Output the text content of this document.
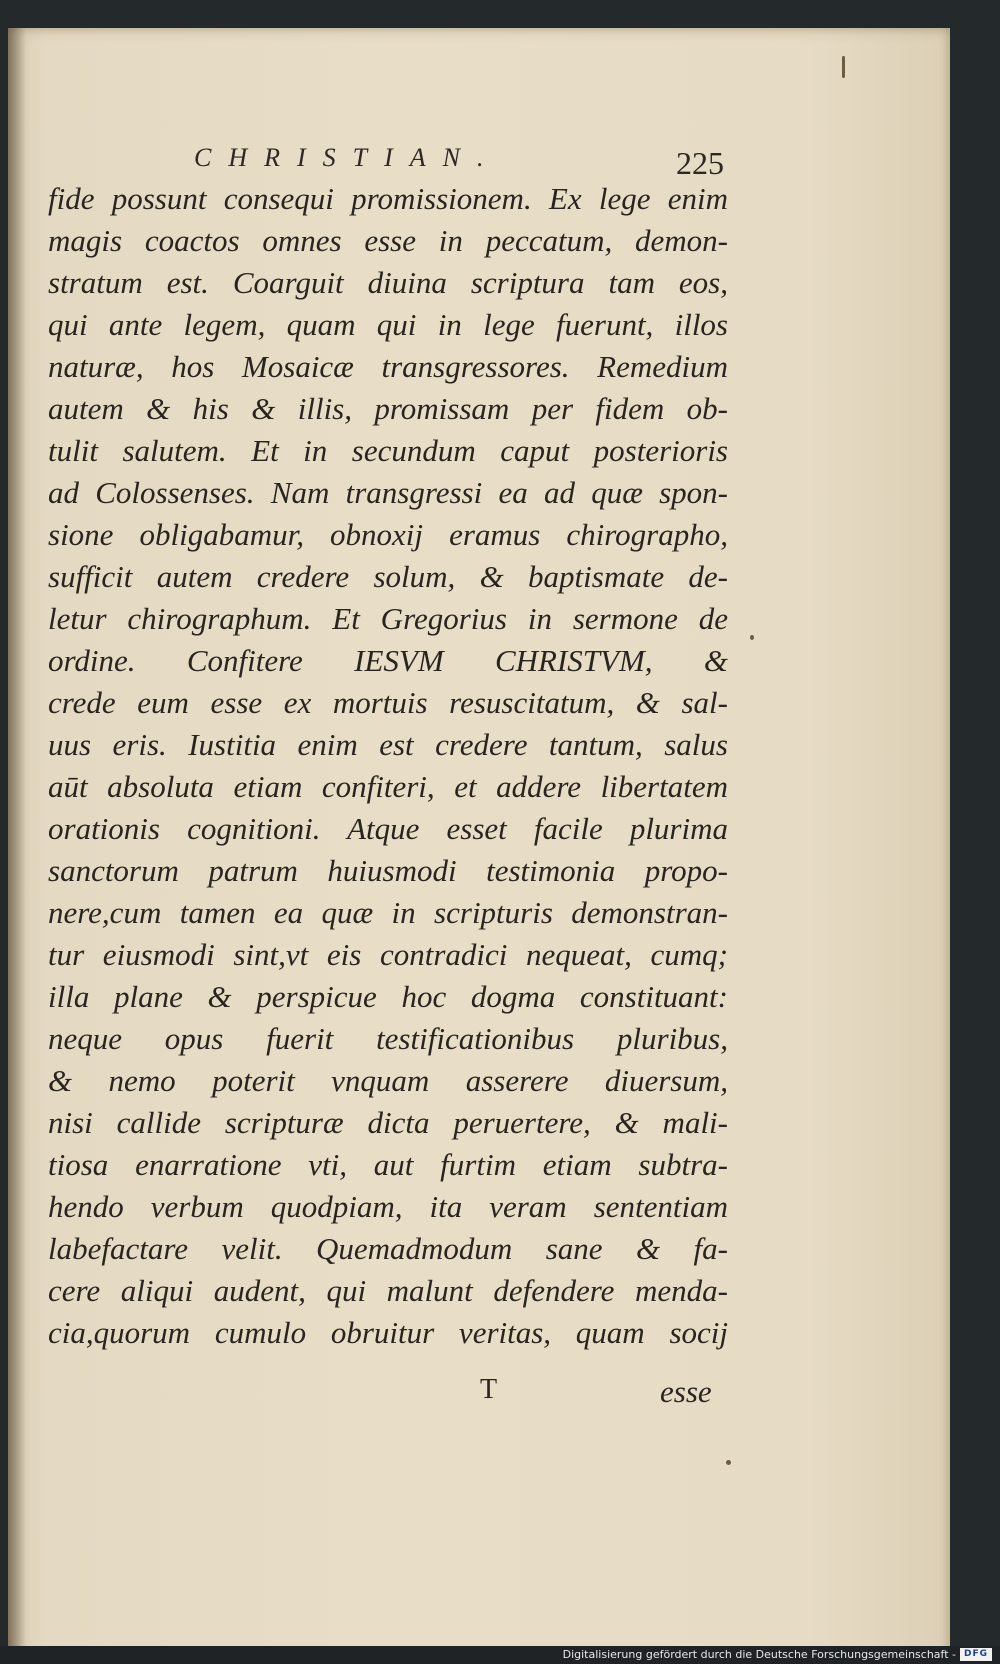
CHRISTIAN.	225
fide possunt consequi promissionem. Ex lege enim
magis coactos omnes esse in peccatum, demon-
stratum est. Coarguit diuina scriptura tam eos,
qui ante legem, quam qui in lege fuerunt, illos
naturæ, hos Mosaicæ transgressores. Remedium
autem & his & illis, promissam per fidem ob-
tulit salutem. Et in secundum caput posterioris
ad Colossenses. Nam transgressi ea ad quæ spon-
sione obligabamur, obnoxij eramus chirographo,
sufficit autem credere solum, & baptismate de-
letur chirographum. Et Gregorius in sermone de
ordine. Confitere IESVM CHRISTVM, &
crede eum esse ex mortuis resuscitatum, & sal-
uus eris. Iustitia enim est credere tantum, salus
aūt absoluta etiam confiteri, et addere libertatem
orationis cognitioni. Atque esset facile plurima
sanctorum patrum huiusmodi testimonia propo-
nere,cum tamen ea quæ in scripturis demonstran-
tur eiusmodi sint,vt eis contradici nequeat, cumq;
illa plane & perspicue hoc dogma constituant:
neque opus fuerit testificationibus pluribus,
& nemo poterit vnquam asserere diuersum,
nisi callide scripturæ dicta peruertere, & mali-
tiosa enarratione vti, aut furtim etiam subtra-
hendo verbum quodpiam, ita veram sententiam
labefactare velit. Quemadmodum sane & fa-
cere aliqui audent, qui malunt defendere menda-
cia,quorum cumulo obruitur veritas, quam socij
T	esse
Digitalisierung gefördert durch die Deutsche Forschungsgemeinschaft - DFG
